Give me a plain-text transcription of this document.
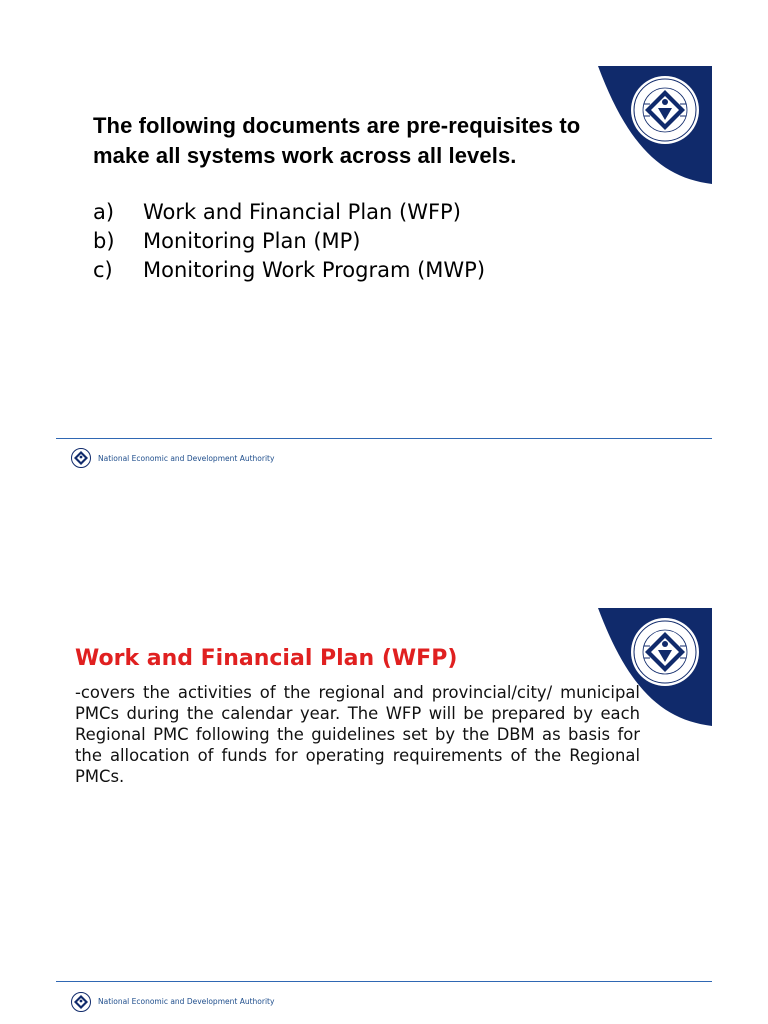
The following documents are pre-requisites to make all systems work across all levels.
a)	Work and Financial Plan (WFP)
b)	Monitoring Plan (MP)
c)	Monitoring Work Program (MWP)
National Economic and Development Authority
Work and Financial Plan (WFP)

-covers the activities of the regional and provincial/city/ municipal PMCs during the calendar year. The WFP will be prepared by each Regional PMC following the guidelines set by the DBM as basis for the allocation of funds for operating requirements of the Regional PMCs.

National Economic and Development Authority
